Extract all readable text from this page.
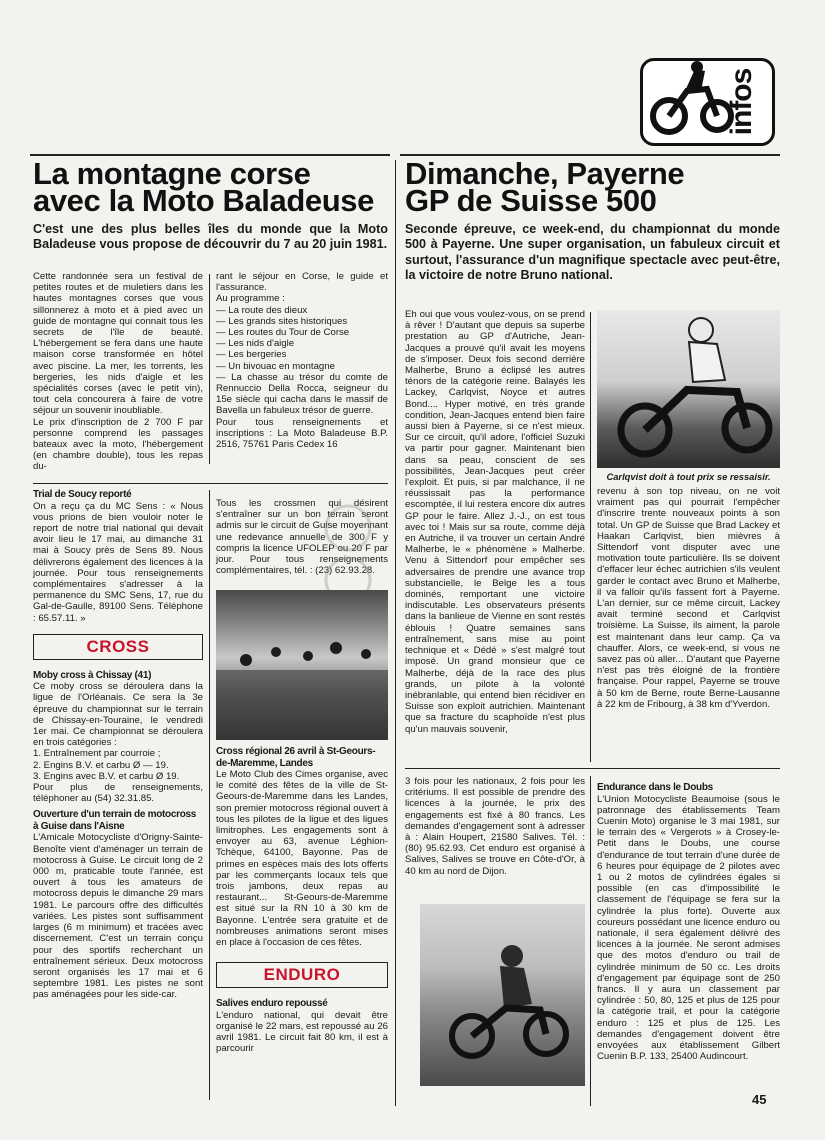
infos
La montagne corse
avec la Moto Baladeuse

C'est une des plus belles îles du monde que la Moto Baladeuse vous propose de découvrir du 7 au 20 juin 1981.

Cette randonnée sera un festival de petites routes et de muletiers dans les hautes montagnes corses que vous sillonnerez à moto et à pied avec un guide de montagne qui connait tous les secrets de l'île de beauté. L'hébergement se fera dans une haute maison corse transformée en hôtel avec piscine. La mer, les torrents, les bergeries, les nids d'aigle et les spécialités corses (avec le petit vin), tout cela concourera à faire de votre séjour un souvenir inoubliable.

Le prix d'inscription de 2 700 F par personne comprend les passages bateaux avec la moto, l'hébergement (en chambre double), tous les repas du-

rant le séjour en Corse, le guide et l'assurance.

Au programme :

— La route des dieux
— Les grands sites historiques
— Les routes du Tour de Corse
— Les nids d'aigle
— Les bergeries
— Un bivouac en montagne
— La chasse au trésor du comte de Rennuccio Della Rocca, seigneur du 15e siècle qui cacha dans le massif de Bavella un fabuleux trésor de guerre.

Pour tous renseignements et inscriptions : La Moto Baladeuse B.P. 2516, 75761 Paris Cedex 16

Trial de Soucy reporté

On a reçu ça du MC Sens : « Nous vous prions de bien vouloir noter le report de notre trial national qui devait avoir lieu le 17 mai, au dimanche 31 mai à Soucy près de Sens 89. Nous délivrerons également des licences à la journée. Pour tous renseignements complémentaires s'adresser à la permanence du SMC Sens, 17, rue du Gal-de-Gaulle, 89100 Sens. Téléphone : 65.57.11. »

CROSS
Moby cross à Chissay (41)

Ce moby cross se déroulera dans la ligue de l'Orléanais. Ce sera la 3e épreuve du championnat sur le terrain de Chissay-en-Touraine, le vendredi 1er mai. Ce championnat se déroulera en trois catégories :

1. Entraînement par courroie ;
2. Engins B.V. et carbu Ø — 19.
3. Engins avec B.V. et carbu Ø 19.

Pour plus de renseignements, téléphoner au (54) 32.31.85.

Ouverture d'un terrain de motocross à Guise dans l'Aisne

L'Amicale Motocycliste d'Origny-Sainte-Benoîte vient d'aménager un terrain de motocross à Guise. Le circuit long de 2 000 m, praticable toute l'année, est ouvert à tous les amateurs de motocross depuis le dimanche 29 mars 1981. Le parcours offre des difficultés variées. Les pistes sont suffisamment larges (6 m minimum) et tracées avec discernement. C'est un terrain conçu pour des sportifs recherchant un entraînement sérieux. Deux motocross seront organisés les 17 mai et 6 septembre 1981. Les pistes ne sont pas aménagées pour les side-car.

Tous les crossmen qui désirent s'entraîner sur un bon terrain seront admis sur le circuit de Guise moyennant une redevance annuelle de 300 F y compris la licence UFOLEP ou 20 F par jour. Pour tous renseignements complémentaires, tél. : (23) 62.93.28.

Cross régional 26 avril à St-Geours-de-Maremme, Landes

Le Moto Club des Cimes organise, avec le comité des fêtes de la ville de St-Geours-de-Maremme dans les Landes, son premier motocross régional ouvert à tous les pilotes de la ligue et des ligues limitrophes. Les engagements sont à envoyer au 63, avenue Léghion-Tchèque, 64100, Bayonne. Pas de primes en espèces mais des lots offerts par les commerçants locaux tels que trois jambons, deux repas au restaurant... St-Geours-de-Maremme est situé sur la RN 10 à 30 km de Bayonne. L'entrée sera gratuite et de nombreuses animations seront mises en place à l'occasion de ces fêtes.

ENDURO
Salives enduro repoussé

L'enduro national, qui devait être organisé le 22 mars, est repoussé au 26 avril 1981. Le circuit fait 80 km, il est à parcourir

Dimanche, Payerne
GP de Suisse 500

Seconde épreuve, ce week-end, du championnat du monde 500 à Payerne. Une super organisation, un fabuleux circuit et surtout, l'assurance d'un magnifique spectacle avec peut-être, la victoire de notre Bruno national.

Eh oui que vous voulez-vous, on se prend à rêver ! D'autant que depuis sa superbe prestation au GP d'Autriche, Jean-Jacques a prouvé qu'il avait les moyens de s'imposer. Deux fois second derrière Malherbe, Bruno a éclipsé les autres ténors de la catégorie reine. Balayés les Lackey, Carlqvist, Noyce et autres Bond.... Hyper motivé, en très grande condition, Jean-Jacques entend bien faire aussi bien à Payerne, si ce n'est mieux. Sur ce circuit, qu'il adore, l'officiel Suzuki va partir pour gagner. Maintenant bien dans sa peau, conscient de ses possibilités, Jean-Jacques peut créer l'exploit. Et puis, si par malchance, il ne réussissait pas la performance escomptée, il lui restera encore dix autres GP pour le faire. Allez J.-J., on est tous avec toi ! Mais sur sa route, comme déjà en Autriche, il va trouver un certain André Malherbe, le « phénomène » Malherbe. Venu à Sittendorf pour empêcher ses adversaires de prendre une avance trop substancielle, le Belge les a tous dominés, remportant une victoire indiscutable. Les observateurs présents dans la banlieue de Vienne en sont restés éblouis ! Quatre semaines sans entraînement, sans mise au point technique et « Dédé » s'est malgré tout imposé. Un grand monsieur que ce Malherbe, déjà de la race des plus grands, un pilote à la volonté inébranlable, qui entend bien récidiver en Suisse son exploit autrichien. Maintenant que sa fracture du scaphoïde n'est plus qu'un mauvais souvenir,

Carlqvist doit à tout prix se ressaisir.

revenu à son top niveau, on ne voit vraiment pas qui pourrait l'empêcher d'inscrire trente nouveaux points à son total. Un GP de Suisse que Brad Lackey et Haakan Carlqvist, bien mièvres à Sittendorf vont disputer avec une motivation toute particulière. Ils se doivent d'effacer leur échec autrichien s'ils veulent garder le contact avec Bruno et Malherbe, il va falloir qu'ils fassent fort à Payerne. L'an dernier, sur ce même circuit, Lackey avait terminé second et Carlqvist troisième. La Suisse, ils aiment, la parole est maintenant dans leur camp. Ça va chauffer. Alors, ce week-end, si vous ne savez pas où aller... D'autant que Payerne n'est pas très éloigné de la frontière française. Pour rappel, Payerne se trouve à 50 km de Berne, route Berne-Lausanne à 22 km de Fribourg, à 38 km d'Yverdon.

3 fois pour les nationaux, 2 fois pour les critériums. Il est possible de prendre des licences à la journée, le prix des engagements est fixé à 80 francs. Les demandes d'engagement sont à adresser à : Alain Houpert, 21580 Salives. Tél. : (80) 95.62.93. Cet enduro est organisé à Salives, Salives se trouve en Côte-d'Or, à 40 km au nord de Dijon.

Endurance dans le Doubs

L'Union Motocycliste Beaumoise (sous le patronnage des établissements Team Cuenin Moto) organise le 3 mai 1981, sur le terrain des « Vergerots » à Crosey-le-Petit dans le Doubs, une course d'endurance de tout terrain d'une durée de 6 heures pour équipage de 2 pilotes avec 1 ou 2 motos de cylindrées égales si possible (en cas d'impossibilité le classement de l'équipage se fera sur la cylindrée la plus forte). Ouverte aux coureurs possédant une licence enduro ou nationale, il sera également délivré des licences à la journée. Ne seront admises que des motos d'enduro ou trail de cylindrée minimum de 50 cc. Les droits d'engagement par équipage sont de 250 francs. Il y aura un classement par cylindrée : 50, 80, 125 et plus de 125 pour la catégorie trail, et pour la catégorie enduro : 125 et plus de 125. Les demandes d'engagement doivent être envoyées aux établissement Gilbert Cuenin B.P. 133, 25400 Audincourt.

45
